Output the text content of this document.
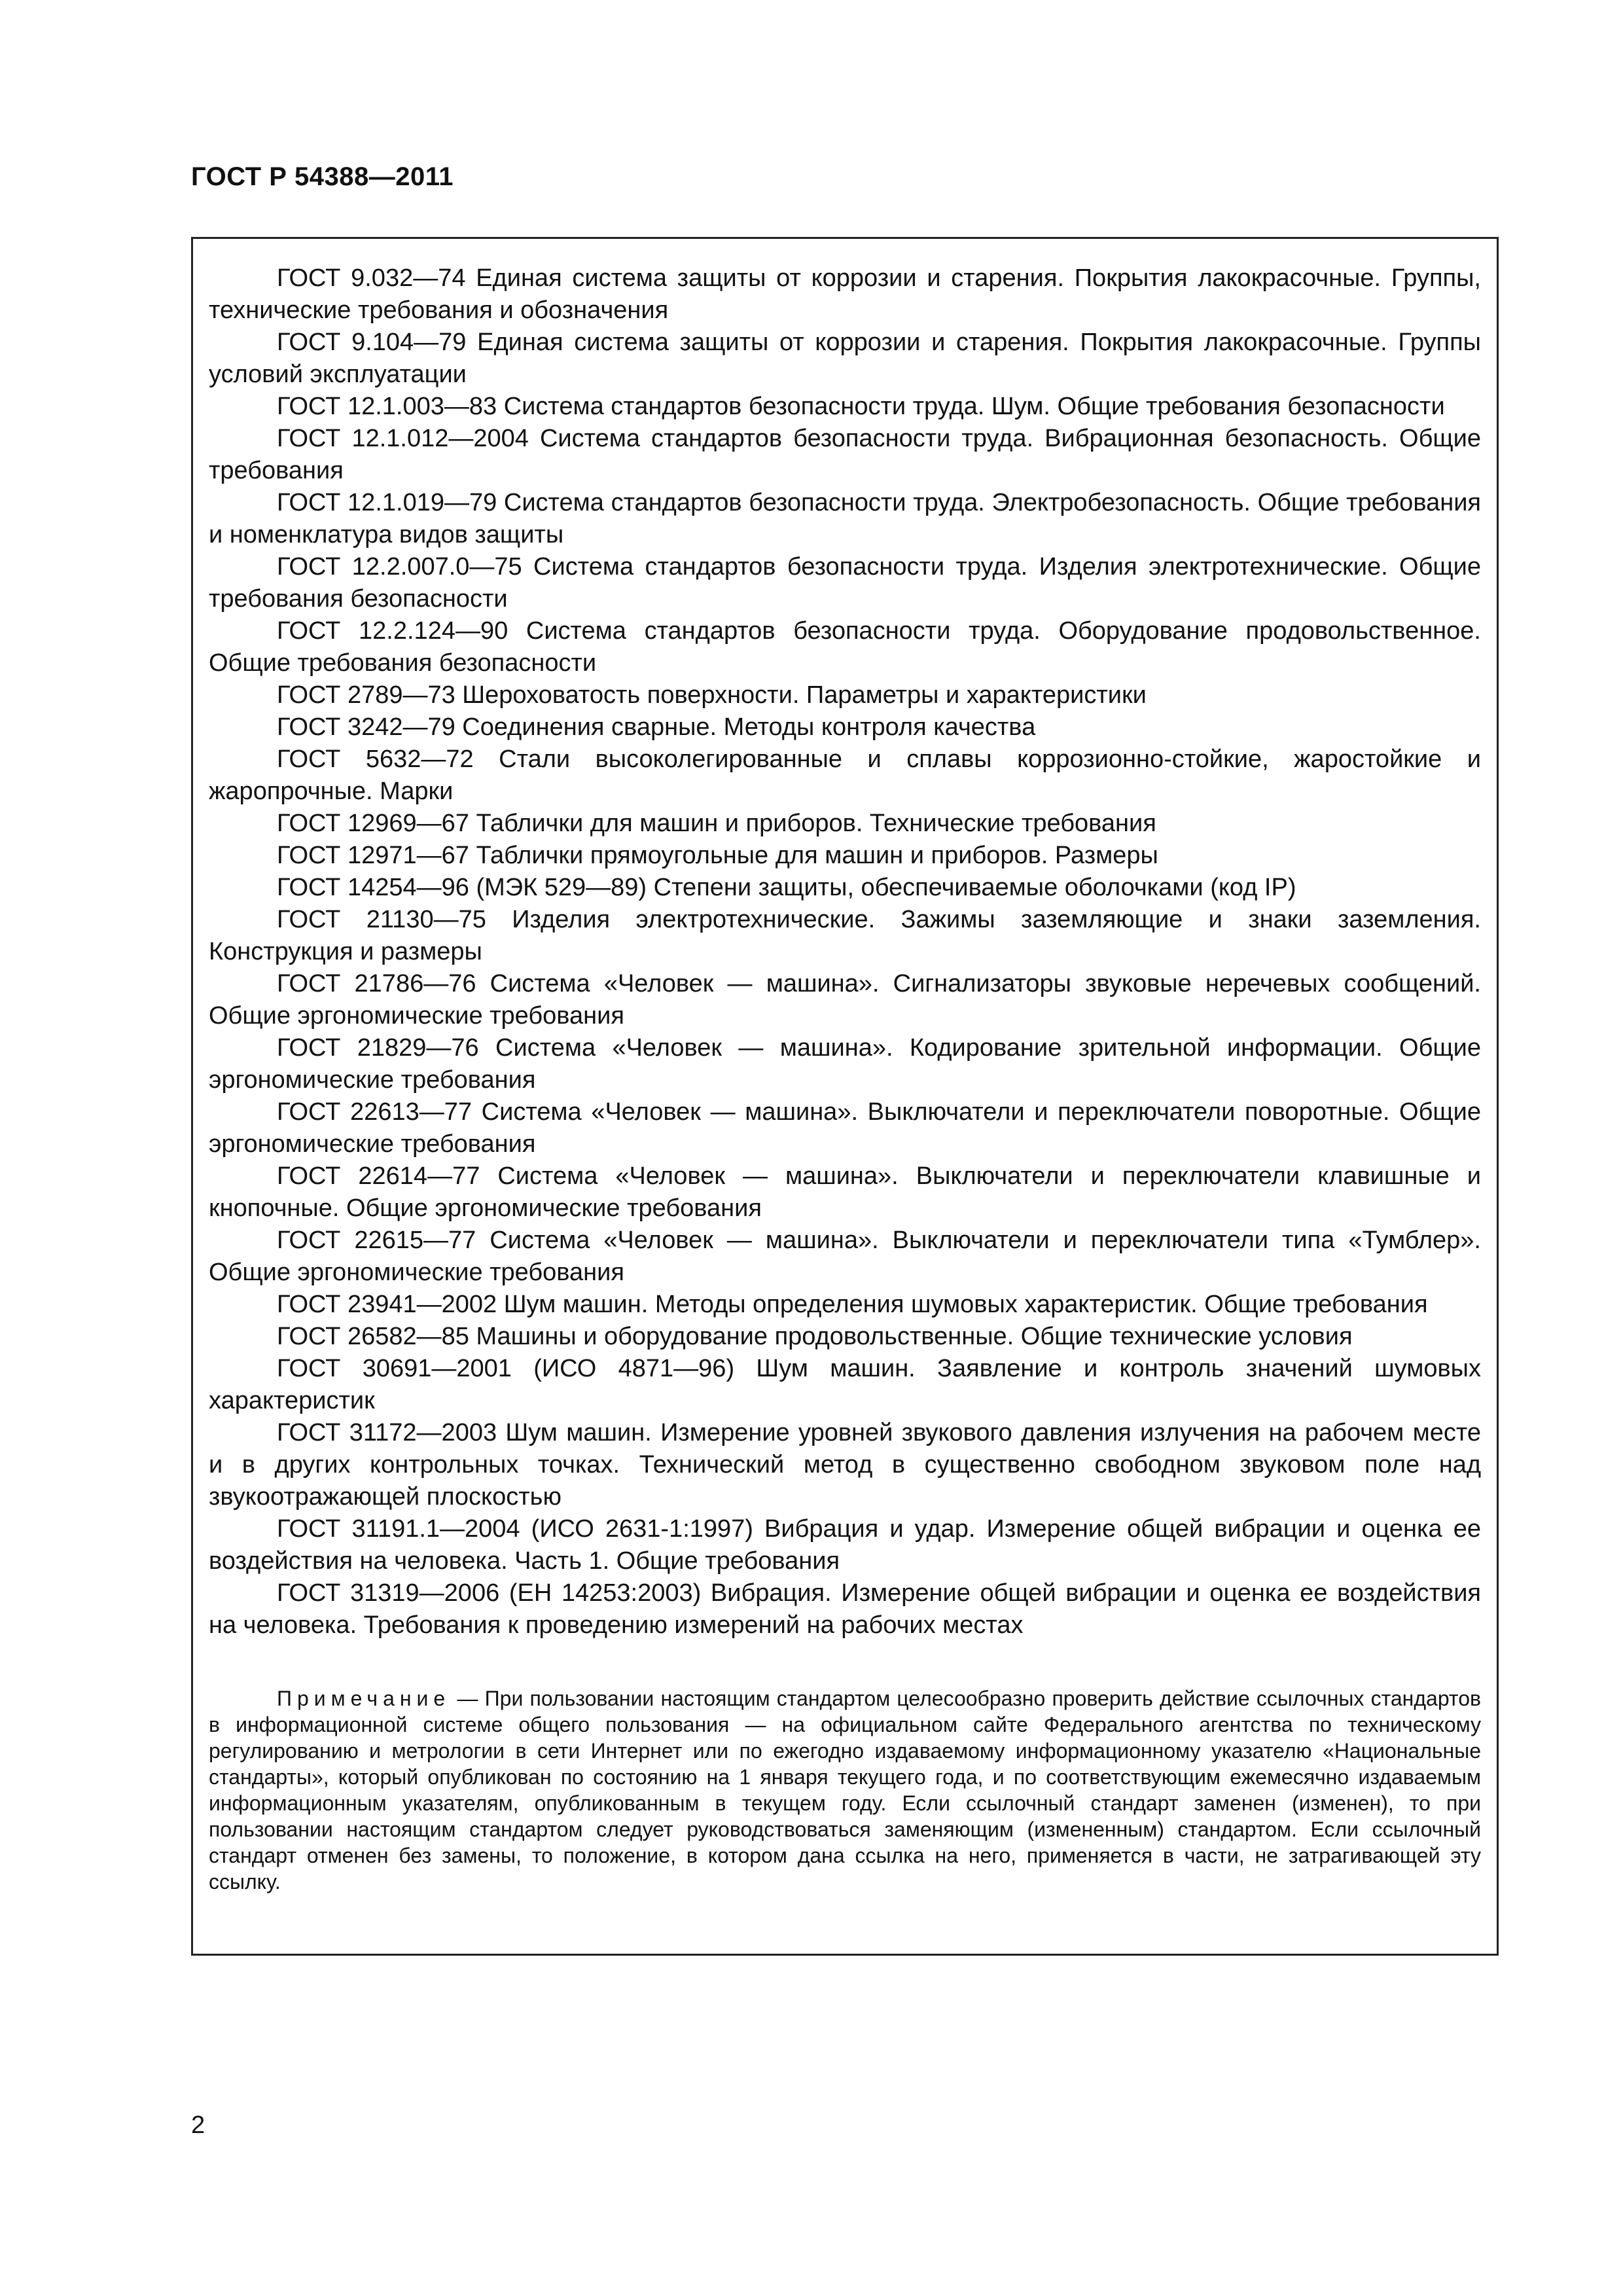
ГОСТ Р 54388—2011

ГОСТ 9.032—74 Единая система защиты от коррозии и старения. Покрытия лакокрасочные. Группы, технические требования и обозначения

ГОСТ 9.104—79 Единая система защиты от коррозии и старения. Покрытия лакокрасочные. Группы условий эксплуатации

ГОСТ 12.1.003—83 Система стандартов безопасности труда. Шум. Общие требования безопасности

ГОСТ 12.1.012—2004 Система стандартов безопасности труда. Вибрационная безопасность. Общие требования

ГОСТ 12.1.019—79 Система стандартов безопасности труда. Электробезопасность. Общие требования и номенклатура видов защиты

ГОСТ 12.2.007.0—75 Система стандартов безопасности труда. Изделия электротехнические. Общие требования безопасности

ГОСТ 12.2.124—90 Система стандартов безопасности труда. Оборудование продовольственное. Общие требования безопасности

ГОСТ 2789—73 Шероховатость поверхности. Параметры и характеристики

ГОСТ 3242—79 Соединения сварные. Методы контроля качества

ГОСТ 5632—72 Стали высоколегированные и сплавы коррозионно-стойкие, жаростойкие и жаропрочные. Марки

ГОСТ 12969—67 Таблички для машин и приборов. Технические требования

ГОСТ 12971—67 Таблички прямоугольные для машин и приборов. Размеры

ГОСТ 14254—96 (МЭК 529—89) Степени защиты, обеспечиваемые оболочками (код IP)

ГОСТ 21130—75 Изделия электротехнические. Зажимы заземляющие и знаки заземления. Конструкция и размеры

ГОСТ 21786—76 Система «Человек — машина». Сигнализаторы звуковые неречевых сообщений. Общие эргономические требования

ГОСТ 21829—76 Система «Человек — машина». Кодирование зрительной информации. Общие эргономические требования

ГОСТ 22613—77 Система «Человек — машина». Выключатели и переключатели поворотные. Общие эргономические требования

ГОСТ 22614—77 Система «Человек — машина». Выключатели и переключатели клавишные и кнопочные. Общие эргономические требования

ГОСТ 22615—77 Система «Человек — машина». Выключатели и переключатели типа «Тумблер». Общие эргономические требования

ГОСТ 23941—2002 Шум машин. Методы определения шумовых характеристик. Общие требования

ГОСТ 26582—85 Машины и оборудование продовольственные. Общие технические условия

ГОСТ 30691—2001 (ИСО 4871—96) Шум машин. Заявление и контроль значений шумовых характеристик

ГОСТ 31172—2003 Шум машин. Измерение уровней звукового давления излучения на рабочем месте и в других контрольных точках. Технический метод в существенно свободном звуковом поле над звукоотражающей плоскостью

ГОСТ 31191.1—2004 (ИСО 2631-1:1997) Вибрация и удар. Измерение общей вибрации и оценка ее воздействия на человека. Часть 1. Общие требования

ГОСТ 31319—2006 (ЕН 14253:2003) Вибрация. Измерение общей вибрации и оценка ее воздействия на человека. Требования к проведению измерений на рабочих местах

Примечание — При пользовании настоящим стандартом целесообразно проверить действие ссылочных стандартов в информационной системе общего пользования — на официальном сайте Федерального агентства по техническому регулированию и метрологии в сети Интернет или по ежегодно издаваемому информационному указателю «Национальные стандарты», который опубликован по состоянию на 1 января текущего года, и по соответствующим ежемесячно издаваемым информационным указателям, опубликованным в текущем году. Если ссылочный стандарт заменен (изменен), то при пользовании настоящим стандартом следует руководствоваться заменяющим (измененным) стандартом. Если ссылочный стандарт отменен без замены, то положение, в котором дана ссылка на него, применяется в части, не затрагивающей эту ссылку.

2
